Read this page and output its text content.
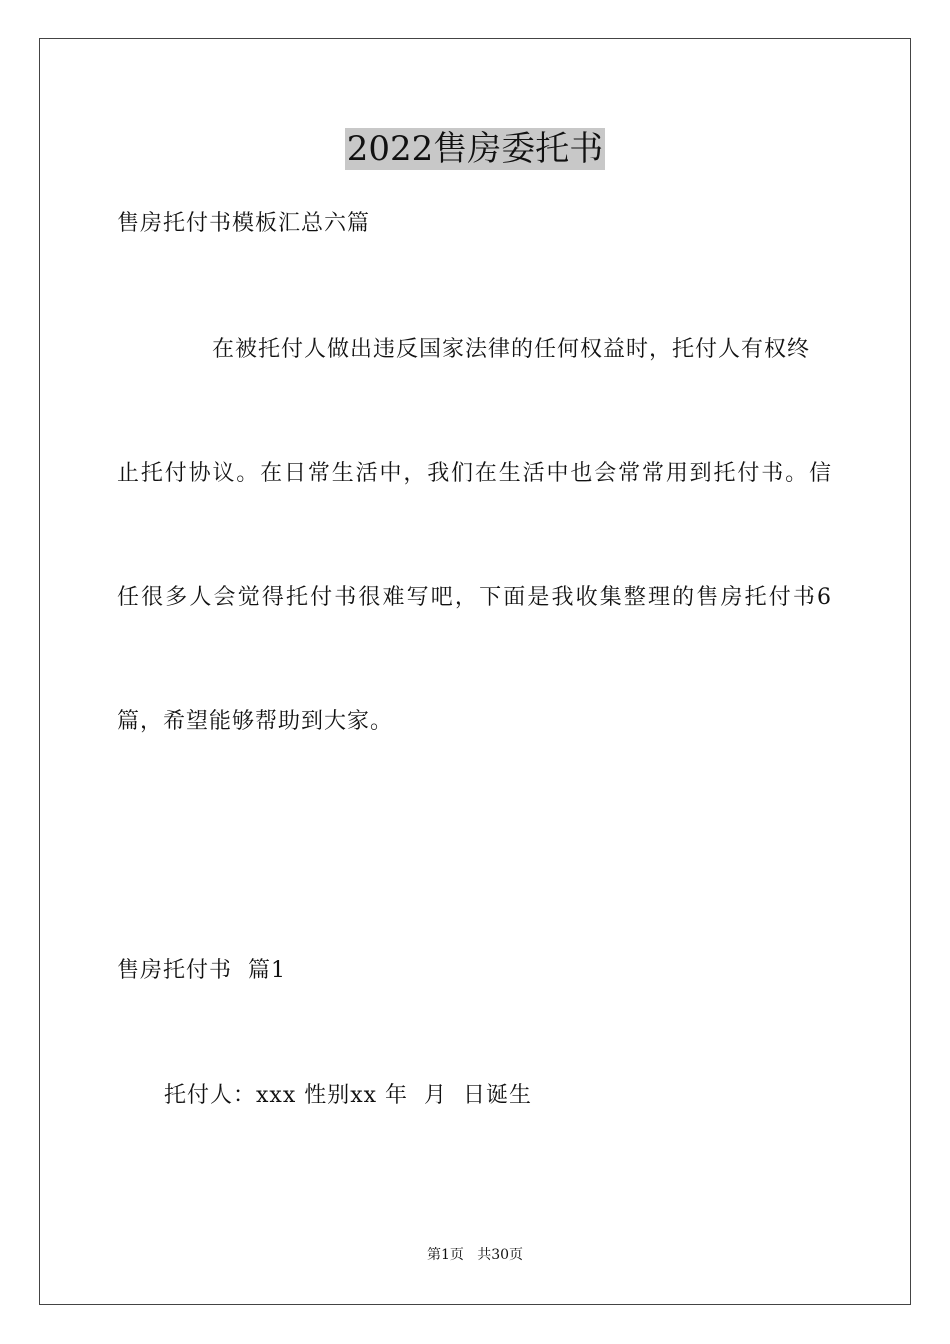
2022售房委托书
售房托付书模板汇总六篇
在被托付人做出违反国家法律的任何权益时，托付人有权终
止托付协议。在日常生活中，我们在生活中也会常常用到托付书。信
任很多人会觉得托付书很难写吧，下面是我收集整理的售房托付书6
篇，希望能够帮助到大家。
售房托付书  篇1
托付人：xxx 性别xx 年  月  日诞生
第1页   共30页
